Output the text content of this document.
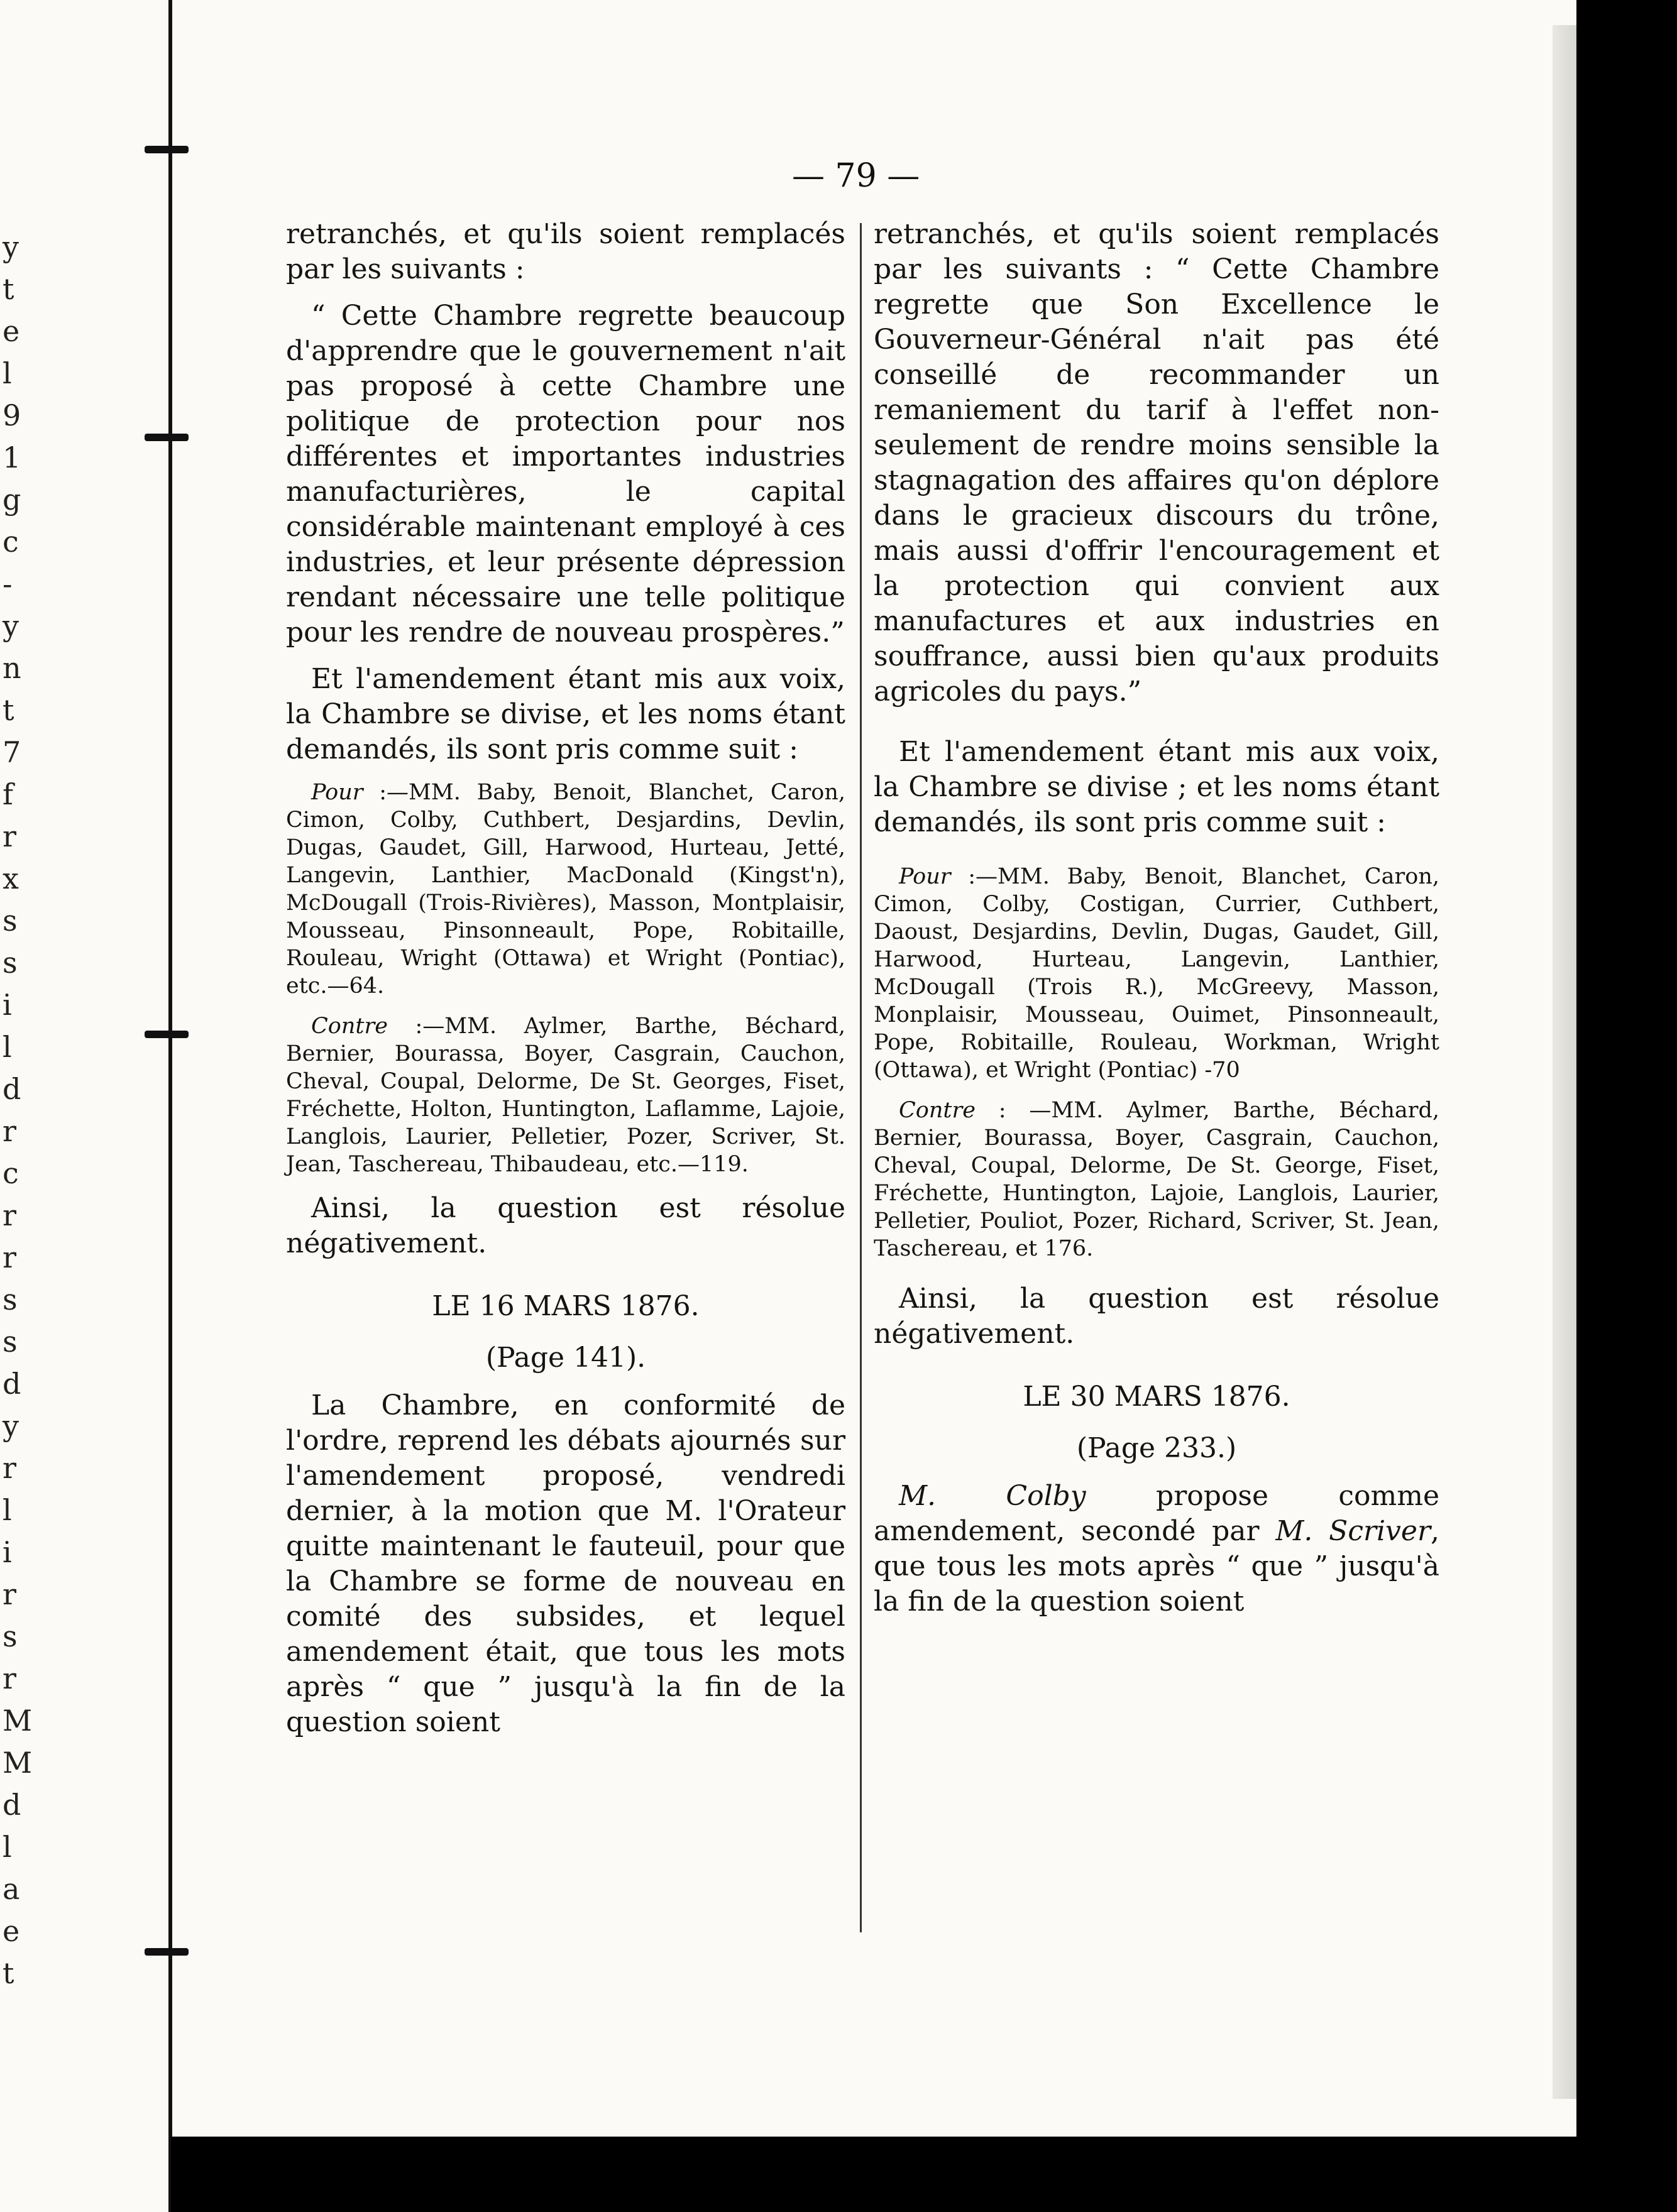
y
t
e
l
9
1
g
c
-
y
n
t
7
f
r
x
s
s
i
l
d
r
c
r
r
s
s
d
y
r
l
i
r
s
r
M
M
d
l
a
e
t
— 79 —

retranchés, et qu'ils soient remplacés par les suivants :

“ Cette Chambre regrette beaucoup d'apprendre que le gouvernement n'ait pas proposé à cette Chambre une politique de protection pour nos différentes et importantes industries manufacturières, le capital considérable maintenant employé à ces industries, et leur présente dépression rendant nécessaire une telle politique pour les rendre de nouveau prospères.”

Et l'amendement étant mis aux voix, la Chambre se divise, et les noms étant demandés, ils sont pris comme suit :

Pour :—MM. Baby, Benoit, Blanchet, Caron, Cimon, Colby, Cuthbert, Desjardins, Devlin, Dugas, Gaudet, Gill, Harwood, Hurteau, Jetté, Langevin, Lanthier, MacDonald (Kingst'n), McDougall (Trois-Rivières), Masson, Montplaisir, Mousseau, Pinsonneault, Pope, Robitaille, Rouleau, Wright (Ottawa) et Wright (Pontiac), etc.—64.

Contre :—MM. Aylmer, Barthe, Béchard, Bernier, Bourassa, Boyer, Casgrain, Cauchon, Cheval, Coupal, Delorme, De St. Georges, Fiset, Fréchette, Holton, Huntington, Laflamme, Lajoie, Langlois, Laurier, Pelletier, Pozer, Scriver, St. Jean, Taschereau, Thibaudeau, etc.—119.

Ainsi, la question est résolue négativement.

LE 16 MARS 1876.
(Page 141).

La Chambre, en conformité de l'ordre, reprend les débats ajournés sur l'amendement proposé, vendredi dernier, à la motion que M. l'Orateur quitte maintenant le fauteuil, pour que la Chambre se forme de nouveau en comité des subsides, et lequel amendement était, que tous les mots après “ que ” jusqu'à la fin de la question soient

retranchés, et qu'ils soient remplacés par les suivants : “ Cette Chambre regrette que Son Excellence le Gouverneur-Général n'ait pas été conseillé de recommander un remaniement du tarif à l'effet non-seulement de rendre moins sensible la stagnagation des affaires qu'on déplore dans le gracieux discours du trône, mais aussi d'offrir l'encouragement et la protection qui convient aux manufactures et aux industries en souffrance, aussi bien qu'aux produits agricoles du pays.”

Et l'amendement étant mis aux voix, la Chambre se divise ; et les noms étant demandés, ils sont pris comme suit :

Pour :—MM. Baby, Benoit, Blanchet, Caron, Cimon, Colby, Costigan, Currier, Cuthbert, Daoust, Desjardins, Devlin, Dugas, Gaudet, Gill, Harwood, Hurteau, Langevin, Lanthier, McDougall (Trois R.), McGreevy, Masson, Monplaisir, Mousseau, Ouimet, Pinsonneault, Pope, Robitaille, Rouleau, Workman, Wright (Ottawa), et Wright (Pontiac) -70

Contre : —MM. Aylmer, Barthe, Béchard, Bernier, Bourassa, Boyer, Casgrain, Cauchon, Cheval, Coupal, Delorme, De St. George, Fiset, Fréchette, Huntington, Lajoie, Langlois, Laurier, Pelletier, Pouliot, Pozer, Richard, Scriver, St. Jean, Taschereau, et 176.

Ainsi, la question est résolue négativement.

LE 30 MARS 1876.
(Page 233.)

M. Colby propose comme amendement, secondé par M. Scriver, que tous les mots après “ que ” jusqu'à la fin de la question soient
